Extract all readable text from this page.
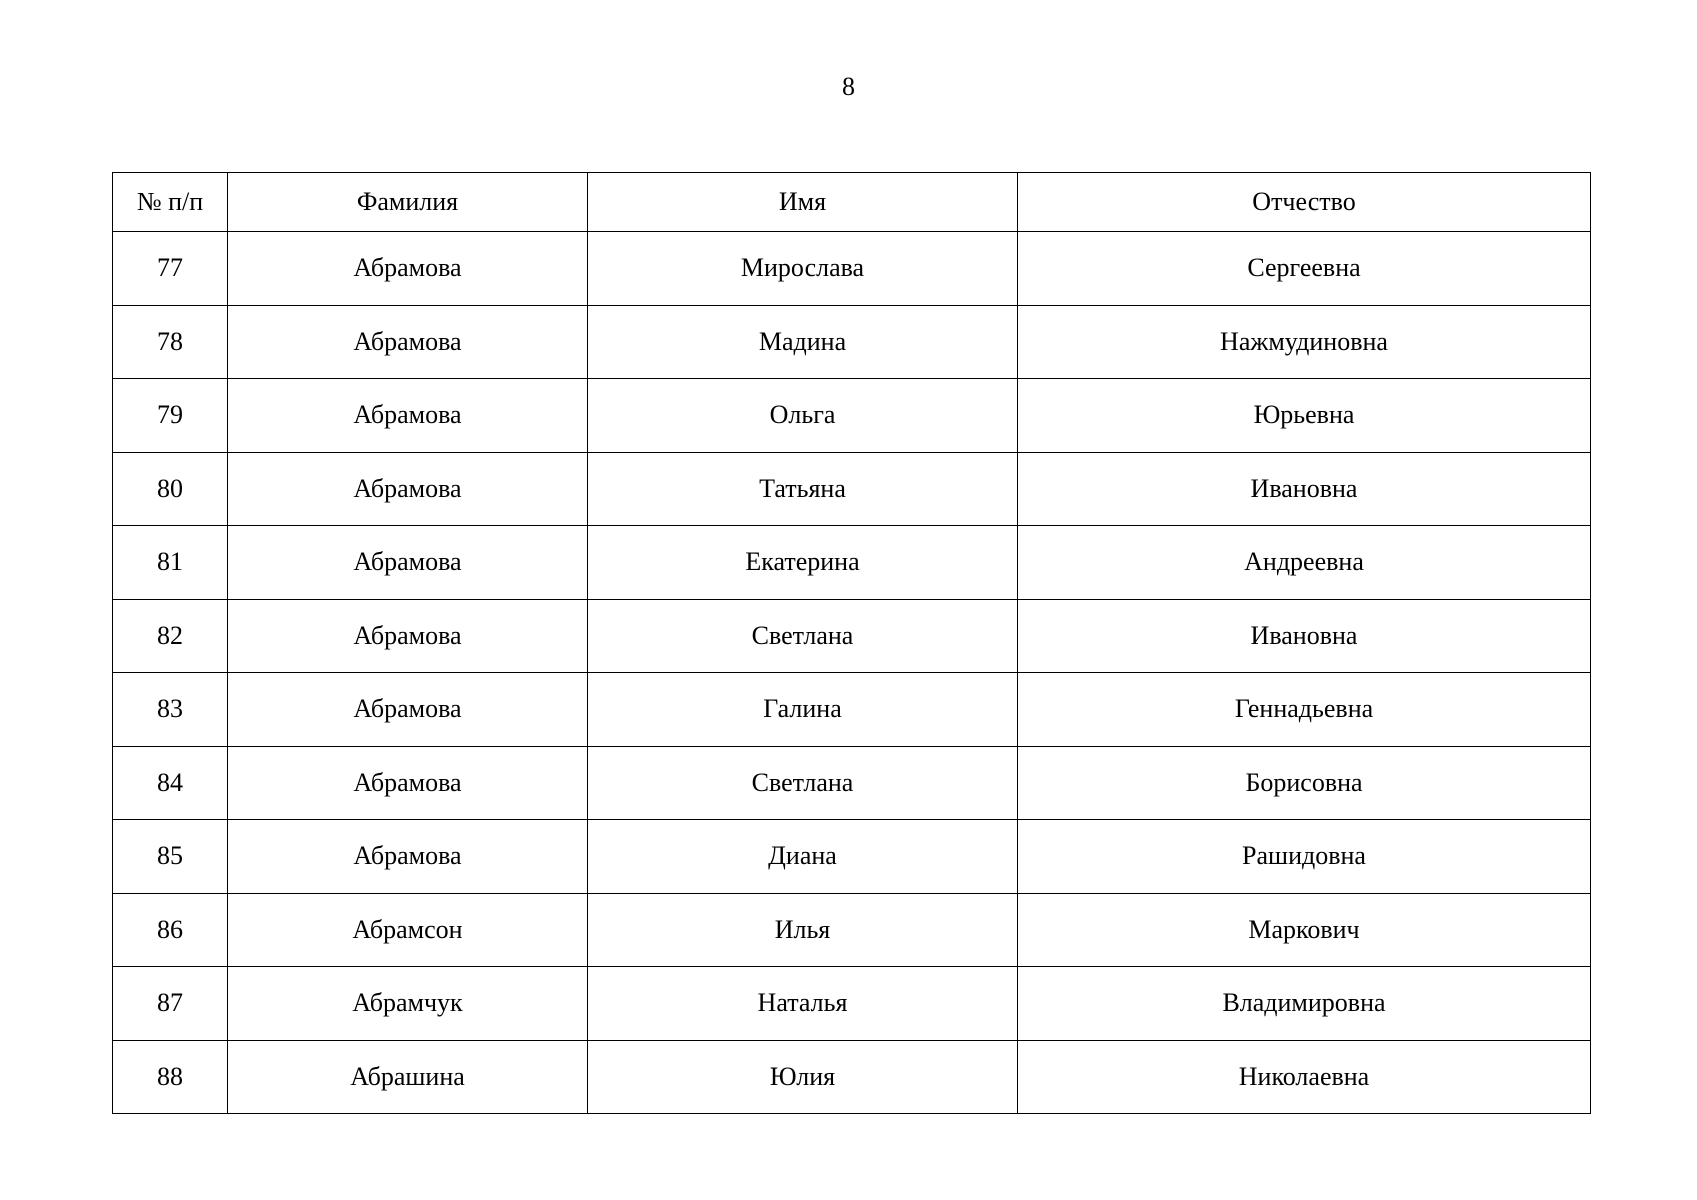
8
№ п/п	Фамилия	Имя	Отчество
77	Абрамова	Мирослава	Сергеевна
78	Абрамова	Мадина	Нажмудиновна
79	Абрамова	Ольга	Юрьевна
80	Абрамова	Татьяна	Ивановна
81	Абрамова	Екатерина	Андреевна
82	Абрамова	Светлана	Ивановна
83	Абрамова	Галина	Геннадьевна
84	Абрамова	Светлана	Борисовна
85	Абрамова	Диана	Рашидовна
86	Абрамсон	Илья	Маркович
87	Абрамчук	Наталья	Владимировна
88	Абрашина	Юлия	Николаевна
